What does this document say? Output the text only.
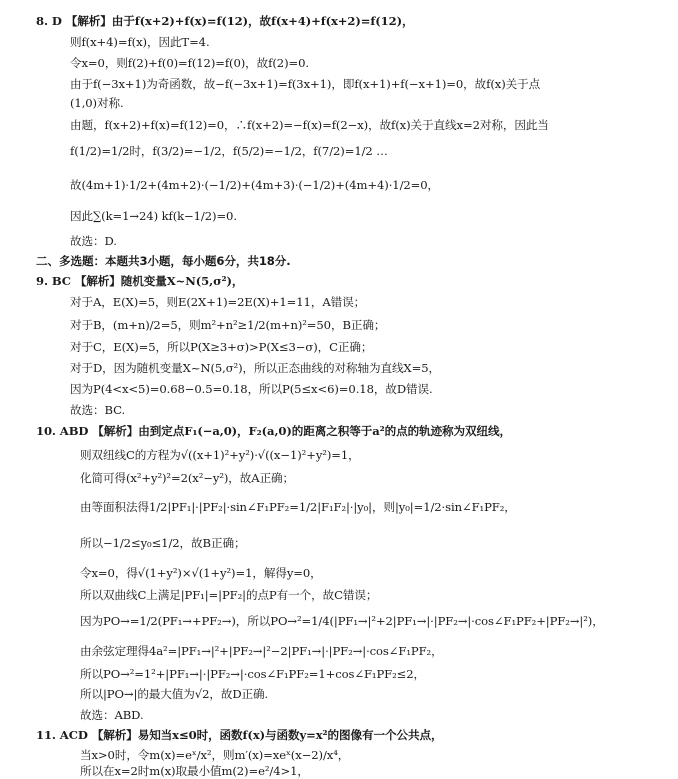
8. D 【解析】由于f(x+2)+f(x)=f(12)，故f(x+4)+f(x+2)=f(12)，
则f(x+4)=f(x)，因此T=4.
令x=0，则f(2)+f(0)=f(12)=f(0)，故f(2)=0.
由于f(−3x+1)为奇函数，故−f(−3x+1)=f(3x+1)，即f(x+1)+f(−x+1)=0，故f(x)关于点
(1,0)对称.
由题，f(x+2)+f(x)=f(12)=0，∴f(x+2)=−f(x)=f(2−x)，故f(x)关于直线x=2对称，因此当
f(1/2)=1/2时，f(3/2)=−1/2，f(5/2)=−1/2，f(7/2)=1/2 …
故(4m+1)·1/2+(4m+2)·(−1/2)+(4m+3)·(−1/2)+(4m+4)·1/2=0，
因此∑(k=1→24) kf(k−1/2)=0.
故选：D.
二、多选题：本题共3小题，每小题6分，共18分.
9. BC 【解析】随机变量X~N(5,σ²)，
对于A，E(X)=5，则E(2X+1)=2E(X)+1=11，A错误；
对于B，(m+n)/2=5，则m²+n²≥1/2(m+n)²=50，B正确；
对于C，E(X)=5，所以P(X≥3+σ)>P(X≤3−σ)，C正确；
对于D，因为随机变量X~N(5,σ²)，所以正态曲线的对称轴为直线X=5，
因为P(4<x<5)=0.68−0.5=0.18，所以P(5≤x<6)=0.18，故D错误.
故选：BC.
10. ABD 【解析】由到定点F₁(−a,0)，F₂(a,0)的距离之积等于a²的点的轨迹称为双纽线，
则双纽线C的方程为√((x+1)²+y²)·√((x−1)²+y²)=1，
化简可得(x²+y²)²=2(x²−y²)，故A正确；
由等面积法得1/2|PF₁|·|PF₂|·sin∠F₁PF₂=1/2|F₁F₂|·|y₀|，则|y₀|=1/2·sin∠F₁PF₂，
所以−1/2≤y₀≤1/2，故B正确；
令x=0，得√(1+y²)×√(1+y²)=1，解得y=0，
所以双曲线C上满足|PF₁|=|PF₂|的点P有一个，故C错误；
因为PO→=1/2(PF₁→+PF₂→)，所以PO→²=1/4(|PF₁→|²+2|PF₁→|·|PF₂→|·cos∠F₁PF₂+|PF₂→|²)，
由余弦定理得4a²=|PF₁→|²+|PF₂→|²−2|PF₁→|·|PF₂→|·cos∠F₁PF₂，
所以PO→²=1²+|PF₁→|·|PF₂→|·cos∠F₁PF₂=1+cos∠F₁PF₂≤2，
所以|PO→|的最大值为√2，故D正确.
故选：ABD.
11. ACD 【解析】易知当x≤0时，函数f(x)与函数y=x²的图像有一个公共点，
当x>0时，令m(x)=eˣ/x²，则m′(x)=xeˣ(x−2)/x⁴，
所以在x=2时m(x)取最小值m(2)=e²/4>1，
